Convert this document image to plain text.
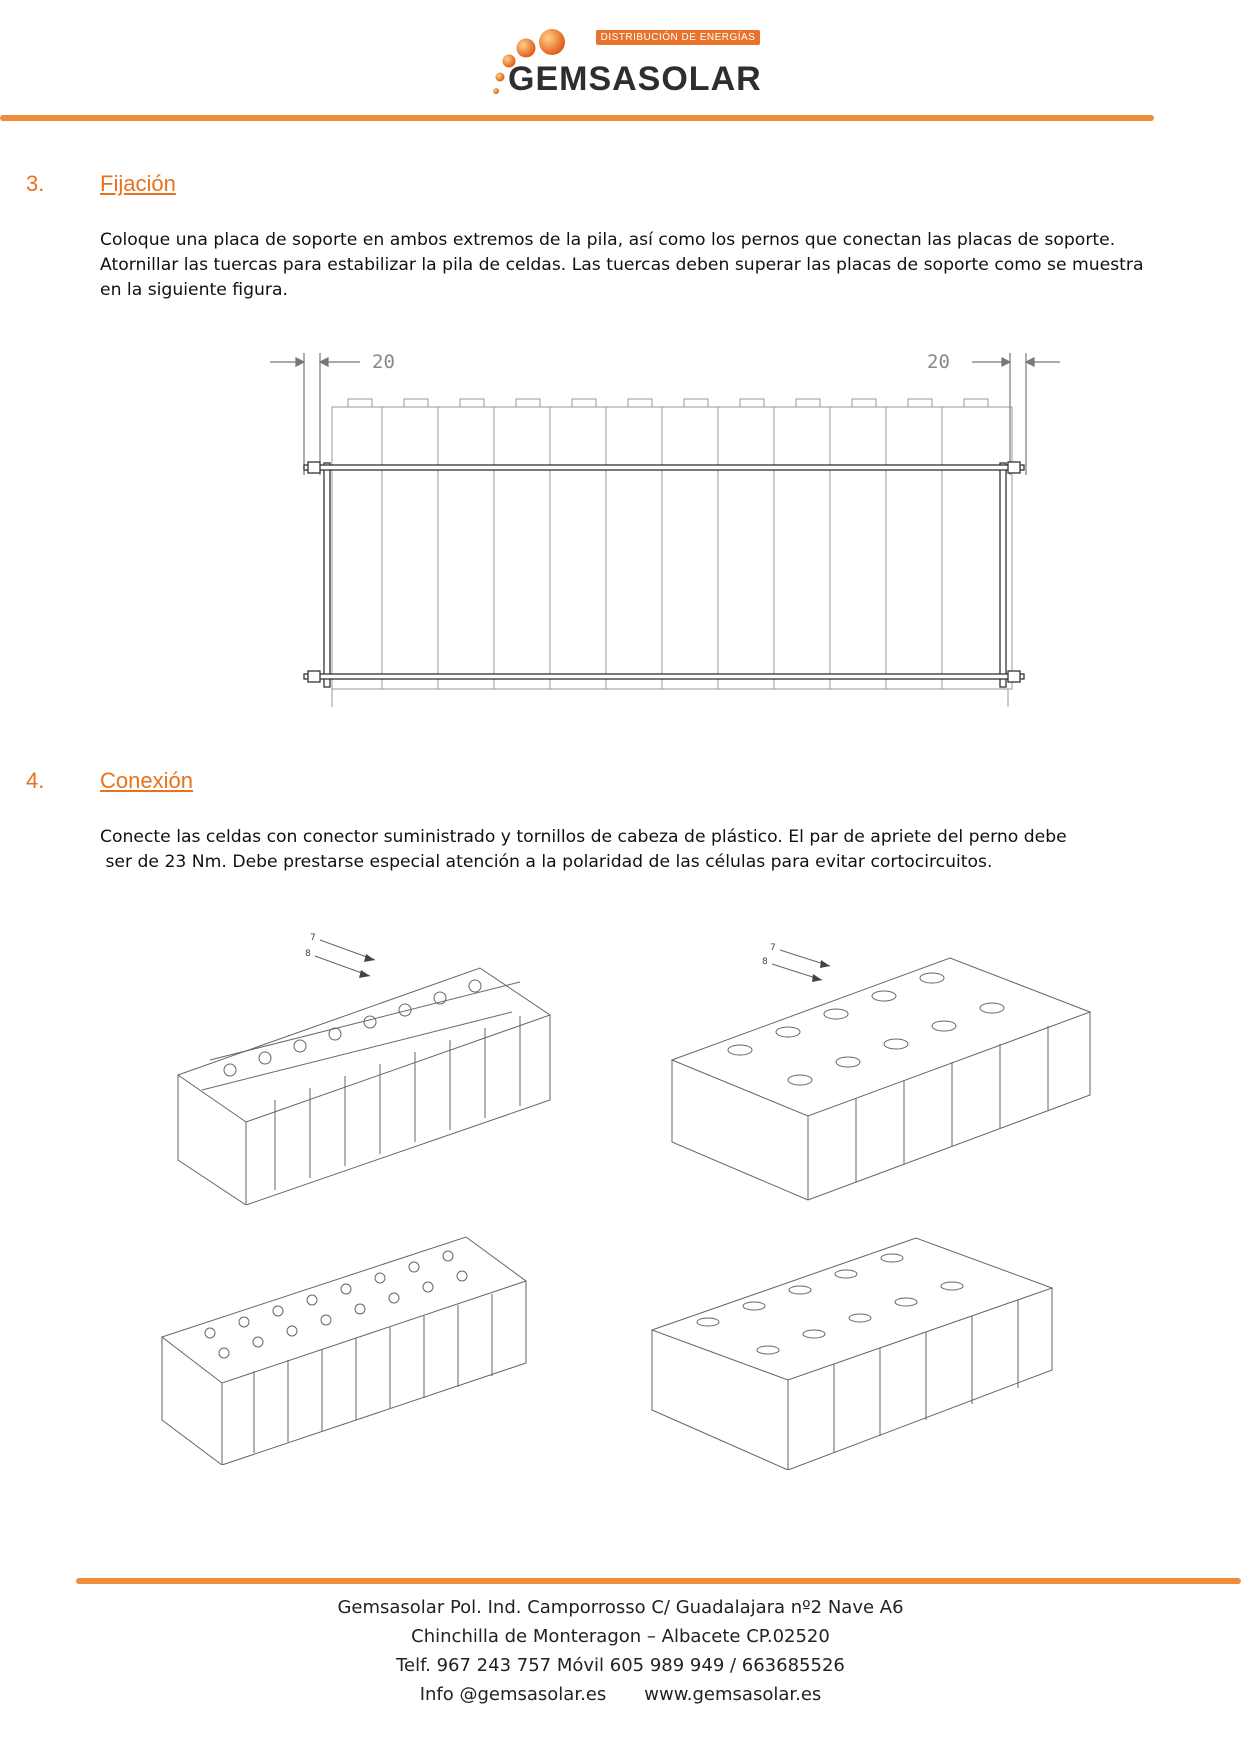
DISTRIBUCIÓN DE ENERGÍAS
GEMSASOLAR
3.	Fijación
Coloque una placa de soporte en ambos extremos de la pila, así como los pernos que conectan las placas de soporte.
Atornillar las tuercas para estabilizar la pila de celdas. Las tuercas deben superar las placas de soporte como se muestra
en la siguiente figura.
20	20
4.	Conexión
Conecte las celdas con conector suministrado y tornillos de cabeza de plástico. El par de apriete del perno debe
ser de 23 Nm. Debe prestarse especial atención a la polaridad de las células para evitar cortocircuitos.
7
8
7
8
Gemsasolar Pol. Ind. Camporrosso C/ Guadalajara nº2 Nave A6
Chinchilla de Monteragon – Albacete CP.02520
Telf. 967 243 757 Móvil 605 989 949 / 663685526
Info @gemsasolar.es www.gemsasolar.es
